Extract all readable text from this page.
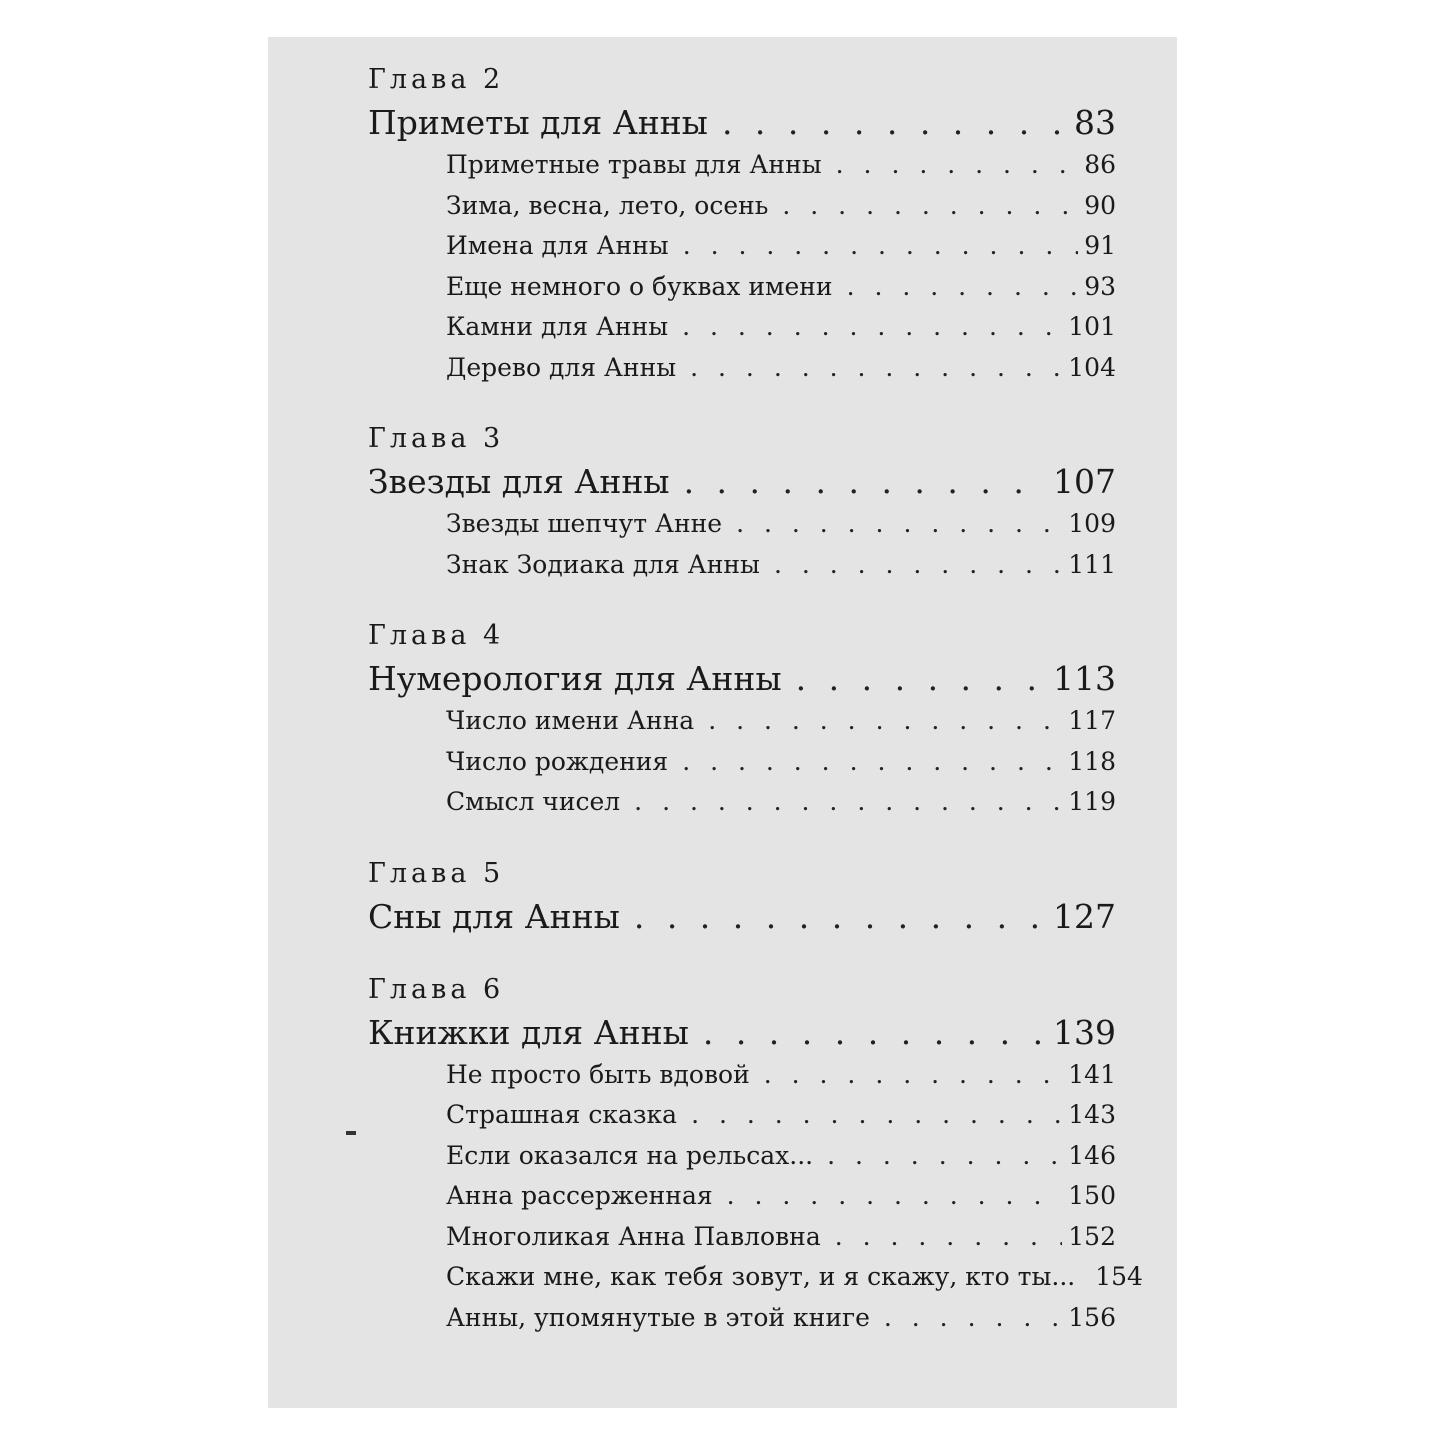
Глава 2
Приметы для Анны . . .	83
Приметные травы для Анны . . .	86
Зима, весна, лето, осень . . .	90
Имена для Анны . . .	91
Еще немного о буквах имени . . .	93
Камни для Анны . . .	101
Дерево для Анны . . .	104
Глава 3
Звезды для Анны . . .	107
Звезды шепчут Анне . . .	109
Знак Зодиака для Анны . . .	111
Глава 4
Нумерология для Анны . . .	113
Число имени Анна . . .	117
Число рождения . . .	118
Смысл чисел . . .	119
Глава 5
Сны для Анны . . .	127
Глава 6
Книжки для Анны . . .	139
Не просто быть вдовой . . .	141
Страшная сказка . . .	143
Если оказался на рельсах... . . .	146
Анна рассерженная . . .	150
Многоликая Анна Павловна . . .	152
Скажи мне, как тебя зовут, и я скажу, кто ты... 154
Анны, упомянутые в этой книге . . .	156
